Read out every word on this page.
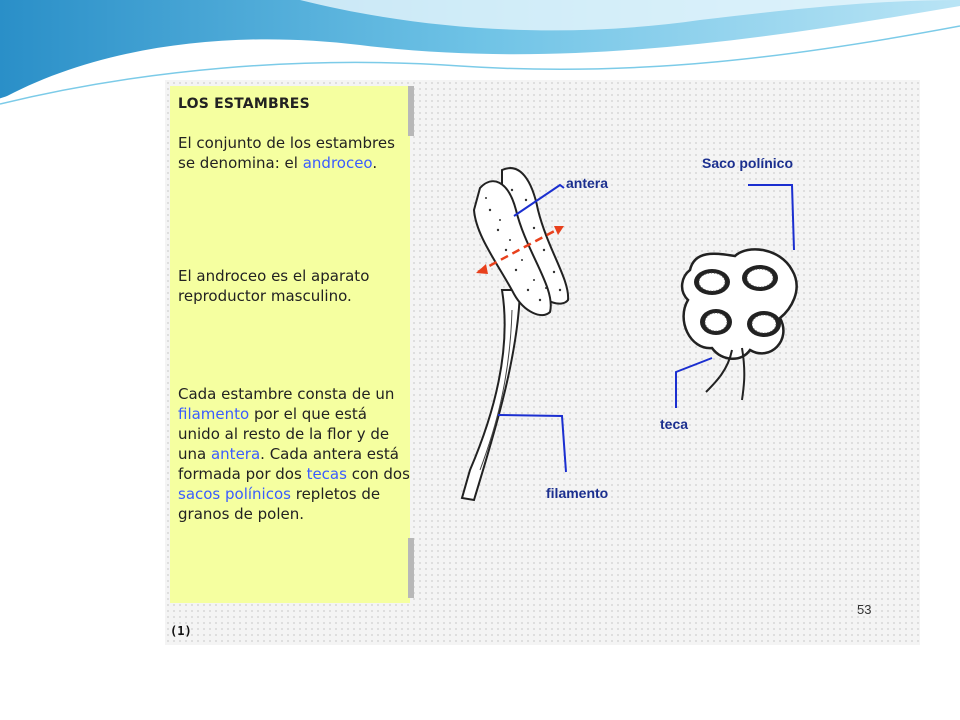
LOS ESTAMBRES

El conjunto de los estambres se denomina: el androceo.

El androceo es el aparato reproductor masculino.

Cada estambre consta de un filamento por el que está unido al resto de la flor y de una antera. Cada antera está formada por dos tecas con dos sacos polínicos repletos de granos de polen.

antera
filamento
Saco polínico
teca
53
(1)
